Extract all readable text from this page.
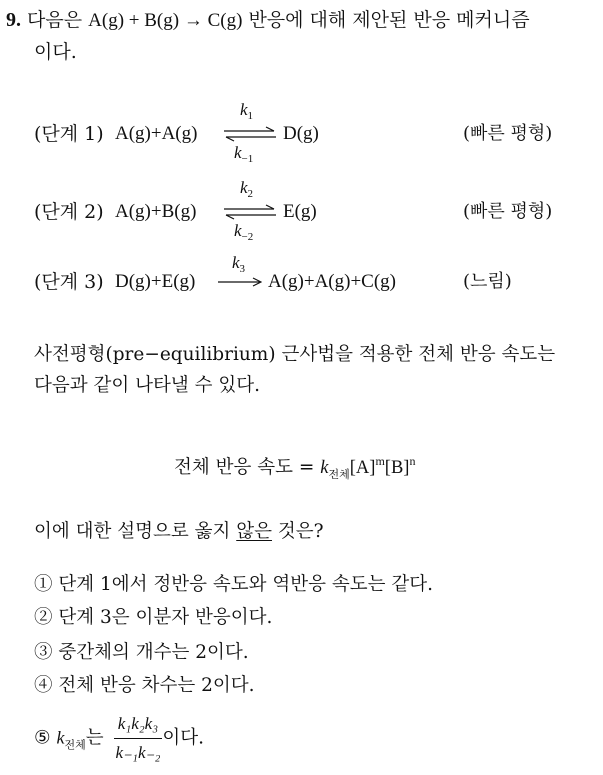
9. 다음은 A(g) + B(g) → C(g) 반응에 대해 제안된 반응 메커니즘
이다.
(단계 1) A(g)+A(g)
$k_1$
$k_{-1}$
D(g)	(빠른 평형)
(단계 2) A(g)+B(g)
$k_2$
$k_{-2}$
E(g)	(빠른 평형)
(단계 3) D(g)+E(g)
$k_3$
A(g)+A(g)+C(g)	(느림)
사전평형(pre−equilibrium) 근사법을 적용한 전체 반응 속도는
다음과 같이 나타낼 수 있다.
전체 반응 속도 = $k_{전체}[A]^m[B]^n$
이에 대한 설명으로 옳지 않은 것은?
① 단계 1에서 정반응 속도와 역반응 속도는 같다.
② 단계 3은 이분자 반응이다.
③ 중간체의 개수는 2이다.
④ 전체 반응 차수는 2이다.
⑤ $k_{전체}$는 $\frac{\text{k₁k₂k₃}}{\text{k₋₁k₋₂}}$ 이다.
